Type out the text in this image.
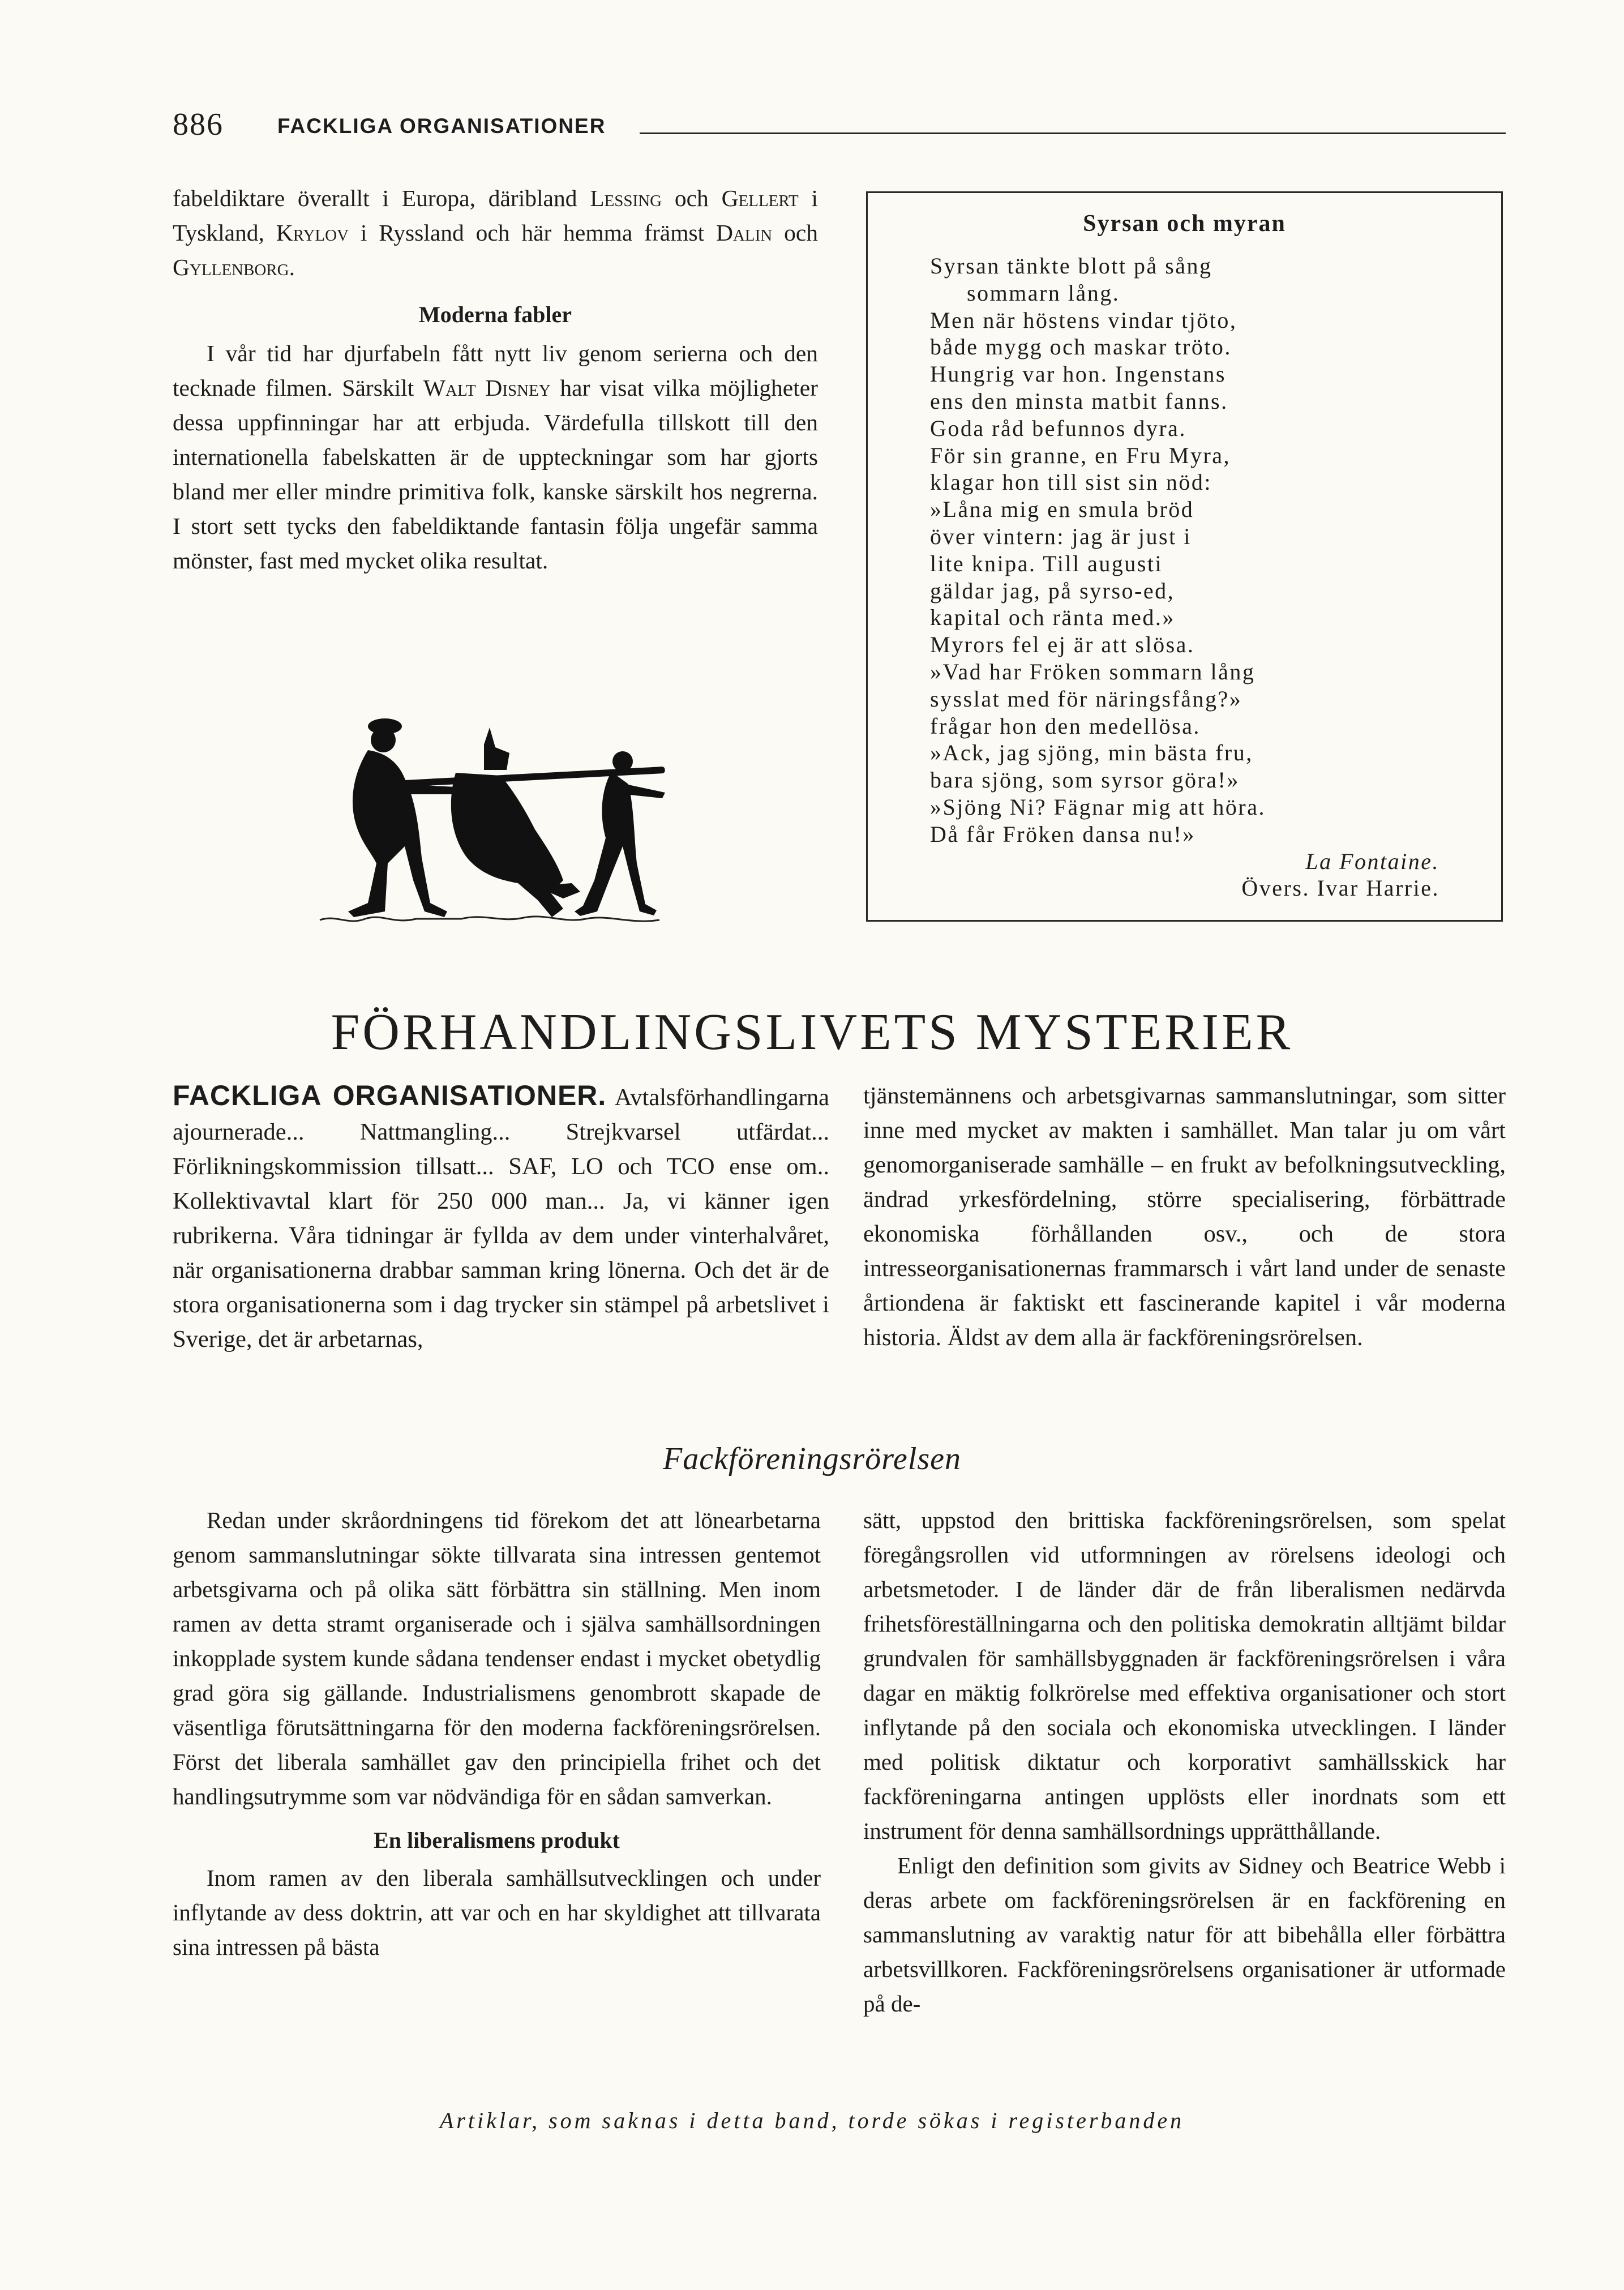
886	FACKLIGA ORGANISATIONER

fabeldiktare överallt i Europa, däribland Lessing och Gellert i Tyskland, Krylov i Ryssland och här hemma främst Dalin och Gyllenborg.

Moderna fabler

I vår tid har djurfabeln fått nytt liv genom serierna och den tecknade filmen. Särskilt Walt Disney har visat vilka möjligheter dessa uppfinningar har att erbjuda. Värdefulla tillskott till den internationella fabelskatten är de uppteckningar som har gjorts bland mer eller mindre primitiva folk, kanske särskilt hos negrerna. I stort sett tycks den fabeldiktande fantasin följa ungefär samma mönster, fast med mycket olika resultat.

Syrsan och myran
Syrsan tänkte blott på sång
sommarn lång.
Men när höstens vindar tjöto,
både mygg och maskar tröto.
Hungrig var hon. Ingenstans
ens den minsta matbit fanns.
Goda råd befunnos dyra.
För sin granne, en Fru Myra,
klagar hon till sist sin nöd:
»Låna mig en smula bröd
över vintern: jag är just i
lite knipa. Till augusti
gäldar jag, på syrso-ed,
kapital och ränta med.»
Myrors fel ej är att slösa.
»Vad har Fröken sommarn lång
sysslat med för näringsfång?»
frågar hon den medellösa.
»Ack, jag sjöng, min bästa fru,
bara sjöng, som syrsor göra!»
»Sjöng Ni? Fägnar mig att höra.
Då får Fröken dansa nu!»
La Fontaine.
Övers. Ivar Harrie.
FÖRHANDLINGSLIVETS MYSTERIER

FACKLIGA ORGANISATIONER. Avtalsförhandlingarna ajournerade... Nattmangling... Strejkvarsel utfärdat... Förlikningskommission tillsatt... SAF, LO och TCO ense om.. Kollektivavtal klart för 250 000 man... Ja, vi känner igen rubrikerna. Våra tidningar är fyllda av dem under vinterhalvåret, när organisationerna drabbar samman kring lönerna. Och det är de stora organisationerna som i dag trycker sin stämpel på arbetslivet i Sverige, det är arbetarnas,

tjänstemännens och arbetsgivarnas sammanslutningar, som sitter inne med mycket av makten i samhället. Man talar ju om vårt genomorganiserade samhälle – en frukt av befolkningsutveckling, ändrad yrkesfördelning, större specialisering, förbättrade ekonomiska förhållanden osv., och de stora intresseorganisationernas frammarsch i vårt land under de senaste årtiondena är faktiskt ett fascinerande kapitel i vår moderna historia. Äldst av dem alla är fackföreningsrörelsen.

Fackföreningsrörelsen

Redan under skråordningens tid förekom det att lönearbetarna genom sammanslutningar sökte tillvarata sina intressen gentemot arbetsgivarna och på olika sätt förbättra sin ställning. Men inom ramen av detta stramt organiserade och i själva samhällsordningen inkopplade system kunde sådana tendenser endast i mycket obetydlig grad göra sig gällande. Industrialismens genombrott skapade de väsentliga förutsättningarna för den moderna fackföreningsrörelsen. Först det liberala samhället gav den principiella frihet och det handlingsutrymme som var nödvändiga för en sådan samverkan.

En liberalismens produkt

Inom ramen av den liberala samhällsutvecklingen och under inflytande av dess doktrin, att var och en har skyldighet att tillvarata sina intressen på bästa

sätt, uppstod den brittiska fackföreningsrörelsen, som spelat föregångsrollen vid utformningen av rörelsens ideologi och arbetsmetoder. I de länder där de från liberalismen nedärvda frihetsföreställningarna och den politiska demokratin alltjämt bildar grundvalen för samhällsbyggnaden är fackföreningsrörelsen i våra dagar en mäktig folkrörelse med effektiva organisationer och stort inflytande på den sociala och ekonomiska utvecklingen. I länder med politisk diktatur och korporativt samhällsskick har fackföreningarna antingen upplösts eller inordnats som ett instrument för denna samhällsordnings upprätthållande.

Enligt den definition som givits av Sidney och Beatrice Webb i deras arbete om fackföreningsrörelsen är en fackförening en sammanslutning av varaktig natur för att bibehålla eller förbättra arbetsvillkoren. Fackföreningsrörelsens organisationer är utformade på de-

Artiklar, som saknas i detta band, torde sökas i registerbanden
